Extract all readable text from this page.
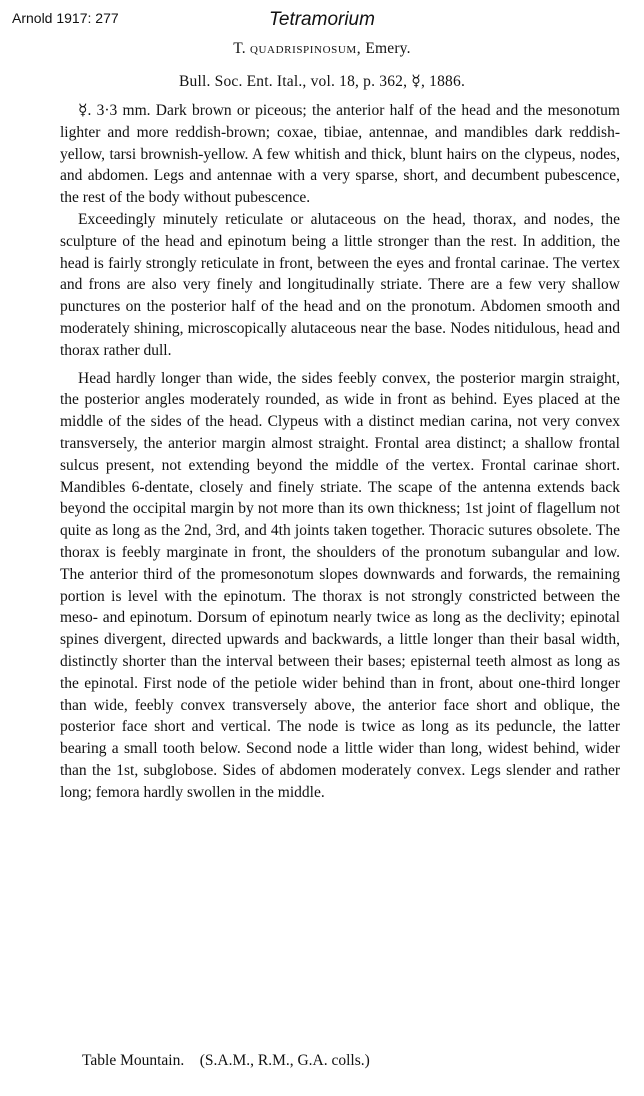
Arnold 1917: 277	Tetramorium
T. quadrispinosum, Emery.
Bull. Soc. Ent. Ital., vol. 18, p. 362, ☿, 1886.

☿. 3·3 mm. Dark brown or piceous; the anterior half of the head and the mesonotum lighter and more reddish-brown; coxae, tibiae, antennae, and mandibles dark reddish-yellow, tarsi brownish-yellow. A few whitish and thick, blunt hairs on the clypeus, nodes, and abdomen. Legs and antennae with a very sparse, short, and decumbent pubescence, the rest of the body without pubescence.

Exceedingly minutely reticulate or alutaceous on the head, thorax, and nodes, the sculpture of the head and epinotum being a little stronger than the rest. In addition, the head is fairly strongly reticulate in front, between the eyes and frontal carinae. The vertex and frons are also very finely and longitudinally striate. There are a few very shallow punctures on the posterior half of the head and on the pronotum. Abdomen smooth and moderately shining, microscopically alutaceous near the base. Nodes nitidulous, head and thorax rather dull.

Head hardly longer than wide, the sides feebly convex, the posterior margin straight, the posterior angles moderately rounded, as wide in front as behind. Eyes placed at the middle of the sides of the head. Clypeus with a distinct median carina, not very convex transversely, the anterior margin almost straight. Frontal area distinct; a shallow frontal sulcus present, not extending beyond the middle of the vertex. Frontal carinae short. Mandibles 6-dentate, closely and finely striate. The scape of the antenna extends back beyond the occipital margin by not more than its own thickness; 1st joint of flagellum not quite as long as the 2nd, 3rd, and 4th joints taken together. Thoracic sutures obsolete. The thorax is feebly marginate in front, the shoulders of the pronotum subangular and low. The anterior third of the promesonotum slopes downwards and forwards, the remaining portion is level with the epinotum. The thorax is not strongly constricted between the meso- and epinotum. Dorsum of epinotum nearly twice as long as the declivity; epinotal spines divergent, directed upwards and backwards, a little longer than their basal width, distinctly shorter than the interval between their bases; episternal teeth almost as long as the epinotal. First node of the petiole wider behind than in front, about one-third longer than wide, feebly convex transversely above, the anterior face short and oblique, the posterior face short and vertical. The node is twice as long as its peduncle, the latter bearing a small tooth below. Second node a little wider than long, widest behind, wider than the 1st, subglobose. Sides of abdomen moderately convex. Legs slender and rather long; femora hardly swollen in the middle.

Table Mountain.    (S.A.M., R.M., G.A. colls.)
